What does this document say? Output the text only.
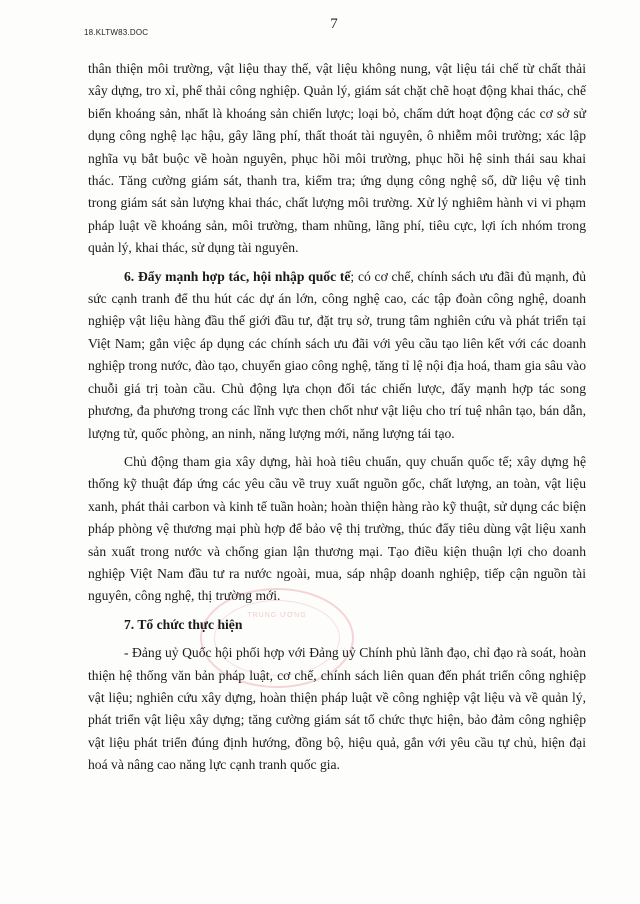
18.KLTW83.DOC
7
TRUNG ƯƠNG

thân thiện môi trường, vật liệu thay thế, vật liệu không nung, vật liệu tái chế từ chất thải xây dựng, tro xỉ, phế thải công nghiệp. Quản lý, giám sát chặt chẽ hoạt động khai thác, chế biến khoáng sản, nhất là khoáng sản chiến lược; loại bỏ, chấm dứt hoạt động các cơ sở sử dụng công nghệ lạc hậu, gây lãng phí, thất thoát tài nguyên, ô nhiễm môi trường; xác lập nghĩa vụ bắt buộc về hoàn nguyên, phục hồi môi trường, phục hồi hệ sinh thái sau khai thác. Tăng cường giám sát, thanh tra, kiểm tra; ứng dụng công nghệ số, dữ liệu vệ tinh trong giám sát sản lượng khai thác, chất lượng môi trường. Xử lý nghiêm hành vi vi phạm pháp luật về khoáng sản, môi trường, tham nhũng, lãng phí, tiêu cực, lợi ích nhóm trong quản lý, khai thác, sử dụng tài nguyên.

6. Đẩy mạnh hợp tác, hội nhập quốc tế; có cơ chế, chính sách ưu đãi đủ mạnh, đủ sức cạnh tranh để thu hút các dự án lớn, công nghệ cao, các tập đoàn công nghệ, doanh nghiệp vật liệu hàng đầu thế giới đầu tư, đặt trụ sở, trung tâm nghiên cứu và phát triển tại Việt Nam; gắn việc áp dụng các chính sách ưu đãi với yêu cầu tạo liên kết với các doanh nghiệp trong nước, đào tạo, chuyển giao công nghệ, tăng tỉ lệ nội địa hoá, tham gia sâu vào chuỗi giá trị toàn cầu. Chủ động lựa chọn đối tác chiến lược, đẩy mạnh hợp tác song phương, đa phương trong các lĩnh vực then chốt như vật liệu cho trí tuệ nhân tạo, bán dẫn, lượng tử, quốc phòng, an ninh, năng lượng mới, năng lượng tái tạo.

Chủ động tham gia xây dựng, hài hoà tiêu chuẩn, quy chuẩn quốc tế; xây dựng hệ thống kỹ thuật đáp ứng các yêu cầu về truy xuất nguồn gốc, chất lượng, an toàn, vật liệu xanh, phát thải carbon và kinh tế tuần hoàn; hoàn thiện hàng rào kỹ thuật, sử dụng các biện pháp phòng vệ thương mại phù hợp để bảo vệ thị trường, thúc đẩy tiêu dùng vật liệu xanh sản xuất trong nước và chống gian lận thương mại. Tạo điều kiện thuận lợi cho doanh nghiệp Việt Nam đầu tư ra nước ngoài, mua, sáp nhập doanh nghiệp, tiếp cận nguồn tài nguyên, công nghệ, thị trường mới.

7. Tổ chức thực hiện

- Đảng uỷ Quốc hội phối hợp với Đảng uỷ Chính phủ lãnh đạo, chỉ đạo rà soát, hoàn thiện hệ thống văn bản pháp luật, cơ chế, chính sách liên quan đến phát triển công nghiệp vật liệu; nghiên cứu xây dựng, hoàn thiện pháp luật về công nghiệp vật liệu và về quản lý, phát triển vật liệu xây dựng; tăng cường giám sát tổ chức thực hiện, bảo đảm công nghiệp vật liệu phát triển đúng định hướng, đồng bộ, hiệu quả, gắn với yêu cầu tự chủ, hiện đại hoá và nâng cao năng lực cạnh tranh quốc gia.
